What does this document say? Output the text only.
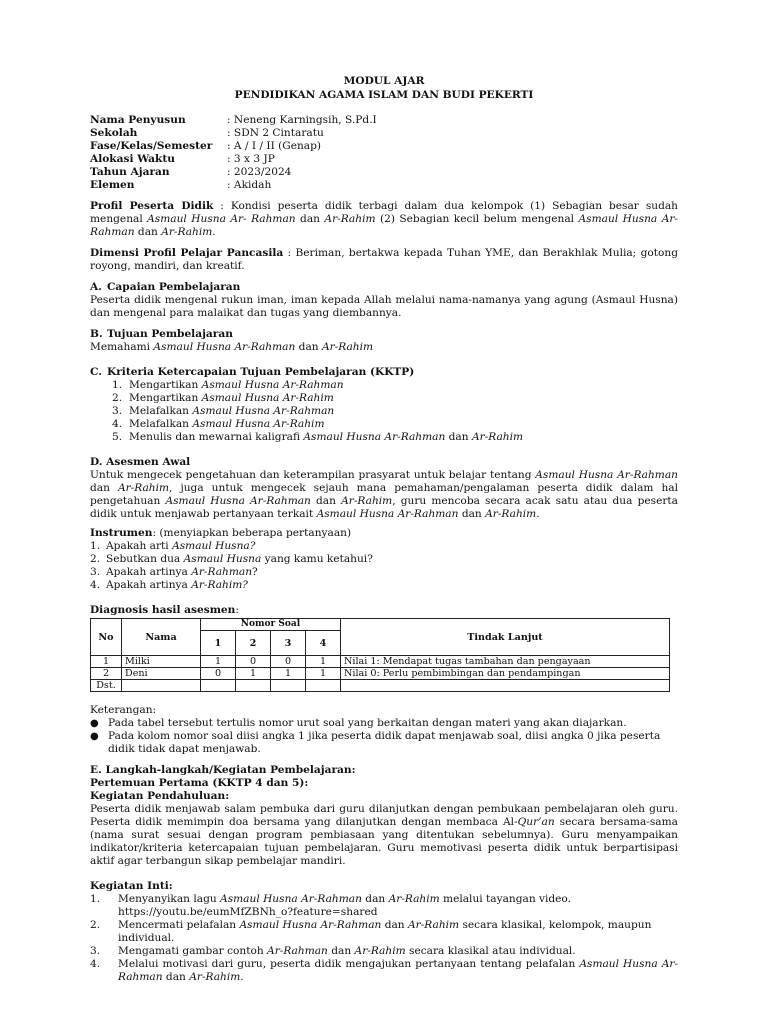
MODUL AJAR
PENDIDIKAN AGAMA ISLAM DAN BUDI PEKERTI
Nama Penyusun	: Neneng Karningsih, S.Pd.I
Sekolah	: SDN 2 Cintaratu
Fase/Kelas/Semester	: A / I / II (Genap)
Alokasi Waktu	: 3 x 3 JP
Tahun Ajaran	: 2023/2024
Elemen	: Akidah

Profil Peserta Didik : Kondisi peserta didik terbagi dalam dua kelompok (1) Sebagian besar sudah mengenal Asmaul Husna Ar- Rahman dan Ar-Rahim (2) Sebagian kecil belum mengenal Asmaul Husna Ar-Rahman dan Ar-Rahim.

Dimensi Profil Pelajar Pancasila : Beriman, bertakwa kepada Tuhan YME, dan Berakhlak Mulia; gotong royong, mandiri, dan kreatif.

A. Capaian Pembelajaran

Peserta didik mengenal rukun iman, iman kepada Allah melalui nama-namanya yang agung (Asmaul Husna) dan mengenal para malaikat dan tugas yang diembannya.

B. Tujuan Pembelajaran

Memahami Asmaul Husna Ar-Rahman dan Ar-Rahim

C. Kriteria Ketercapaian Tujuan Pembelajaran (KKTP)
1. Mengartikan Asmaul Husna Ar-Rahman
2. Mengartikan Asmaul Husna Ar-Rahim
3. Melafalkan Asmaul Husna Ar-Rahman
4. Melafalkan Asmaul Husna Ar-Rahim
5. Menulis dan mewarnai kaligrafi Asmaul Husna Ar-Rahman dan Ar-Rahim
D. Asesmen Awal

Untuk mengecek pengetahuan dan keterampilan prasyarat untuk belajar tentang Asmaul Husna Ar-Rahman dan Ar-Rahim, juga untuk mengecek sejauh mana pemahaman/pengalaman peserta didik dalam hal pengetahuan Asmaul Husna Ar-Rahman dan Ar-Rahim, guru mencoba secara acak satu atau dua peserta didik untuk menjawab pertanyaan terkait Asmaul Husna Ar-Rahman dan Ar-Rahim.

Instrumen: (menyiapkan beberapa pertanyaan)

1. Apakah arti Asmaul Husna?
2. Sebutkan dua Asmaul Husna yang kamu ketahui?
3. Apakah artinya Ar-Rahman?
4. Apakah artinya Ar-Rahim?

Diagnosis hasil asesmen:

No	Nama	Nomor Soal				Tindak Lanjut
		1	2	3	4	
1	Milki	1	0	0	1	Nilai 1: Mendapat tugas tambahan dan pengayaan
2	Deni	0	1	1	1	Nilai 0: Perlu pembimbingan dan pendampingan
Dst.						

Keterangan:

● Pada tabel tersebut tertulis nomor urut soal yang berkaitan dengan materi yang akan diajarkan.
● Pada kolom nomor soal diisi angka 1 jika peserta didik dapat menjawab soal, diisi angka 0 jika peserta didik tidak dapat menjawab.
E. Langkah-langkah/Kegiatan Pembelajaran:
Pertemuan Pertama (KKTP 4 dan 5):
Kegiatan Pendahuluan:

Peserta didik menjawab salam pembuka dari guru dilanjutkan dengan pembukaan pembelajaran oleh guru. Peserta didik memimpin doa bersama yang dilanjutkan dengan membaca Al-Qur’an secara bersama-sama (nama surat sesuai dengan program pembiasaan yang ditentukan sebelumnya). Guru menyampaikan indikator/kriteria ketercapaian tujuan pembelajaran. Guru memotivasi peserta didik untuk berpartisipasi aktif agar terbangun sikap pembelajar mandiri.

Kegiatan Inti:
1.	Menyanyikan lagu Asmaul Husna Ar-Rahman dan Ar-Rahim melalui tayangan video.
https://youtu.be/eumMfZBNh_o?feature=shared
2.	Mencermati pelafalan Asmaul Husna Ar-Rahman dan Ar-Rahim secara klasikal, kelompok, maupun individual.
3.	Mengamati gambar contoh Ar-Rahman dan Ar-Rahim secara klasikal atau individual.
4.	Melalui motivasi dari guru, peserta didik mengajukan pertanyaan tentang pelafalan Asmaul Husna Ar-Rahman dan Ar-Rahim.
